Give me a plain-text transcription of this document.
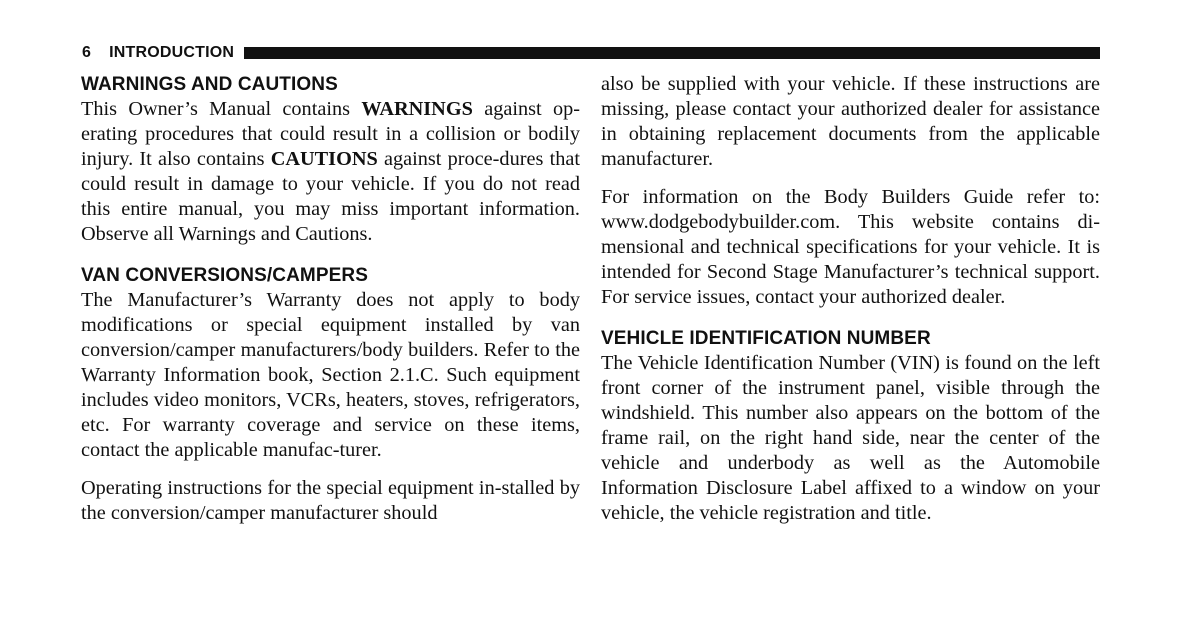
6 INTRODUCTION
WARNINGS AND CAUTIONS

This Owner’s Manual contains WARNINGS against op-erating procedures that could result in a collision or bodily injury. It also contains CAUTIONS against proce-dures that could result in damage to your vehicle. If you do not read this entire manual, you may miss important information. Observe all Warnings and Cautions.

VAN CONVERSIONS/CAMPERS

The Manufacturer’s Warranty does not apply to body modifications or special equipment installed by van conversion/camper manufacturers/body builders. Refer to the Warranty Information book, Section 2.1.C. Such equipment includes video monitors, VCRs, heaters, stoves, refrigerators, etc. For warranty coverage and service on these items, contact the applicable manufac-turer.

Operating instructions for the special equipment in-stalled by the conversion/camper manufacturer should

also be supplied with your vehicle. If these instructions are missing, please contact your authorized dealer for assistance in obtaining replacement documents from the applicable manufacturer.

For information on the Body Builders Guide refer to: www.dodgebodybuilder.com. This website contains di-mensional and technical specifications for your vehicle. It is intended for Second Stage Manufacturer’s technical support. For service issues, contact your authorized dealer.

VEHICLE IDENTIFICATION NUMBER

The Vehicle Identification Number (VIN) is found on the left front corner of the instrument panel, visible through the windshield. This number also appears on the bottom of the frame rail, on the right hand side, near the center of the vehicle and underbody as well as the Automobile Information Disclosure Label affixed to a window on your vehicle, the vehicle registration and title.
